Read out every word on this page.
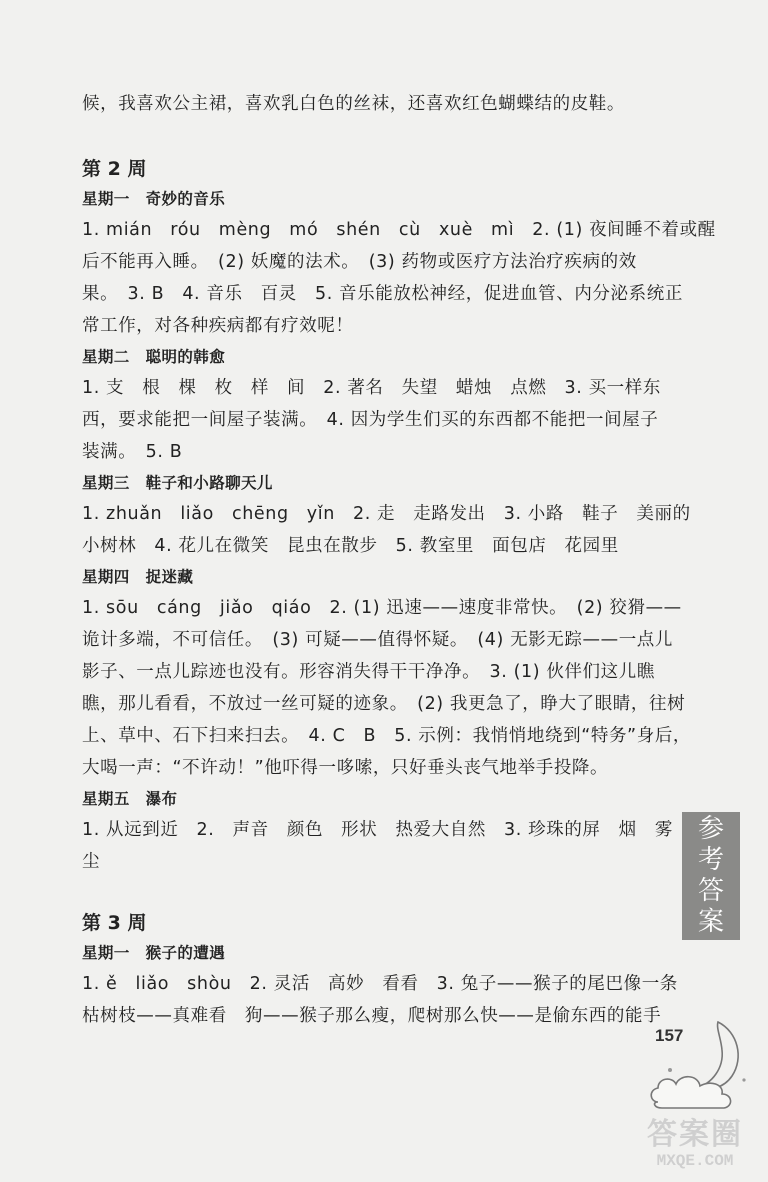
候，我喜欢公主裙，喜欢乳白色的丝袜，还喜欢红色蝴蝶结的皮鞋。
第 2 周
星期一　奇妙的音乐
1. mián　róu　mèng　mó　shén　cù　xuè　mì　2. (1) 夜间睡不着或醒
后不能再入睡。　(2) 妖魔的法术。　(3) 药物或医疗方法治疗疾病的效
果。　3. B　4. 音乐　百灵　5. 音乐能放松神经，促进血管、内分泌系统正
常工作，对各种疾病都有疗效呢！
星期二　聪明的韩愈
1. 支　根　棵　枚　样　间　2. 著名　失望　蜡烛　点燃　3. 买一样东
西，要求能把一间屋子装满。　4. 因为学生们买的东西都不能把一间屋子
装满。　5. B
星期三　鞋子和小路聊天儿
1. zhuǎn　liǎo　chēng　yǐn　2. 走　走路发出　3. 小路　鞋子　美丽的
小树林　4. 花儿在微笑　昆虫在散步　5. 教室里　面包店　花园里
星期四　捉迷藏
1. sōu　cáng　jiǎo　qiáo　2. (1) 迅速——速度非常快。　(2) 狡猾——
诡计多端，不可信任。　(3) 可疑——值得怀疑。　(4) 无影无踪——一点儿
影子、一点儿踪迹也没有。形容消失得干干净净。　3. (1) 伙伴们这儿瞧
瞧，那儿看看，不放过一丝可疑的迹象。　(2) 我更急了，睁大了眼睛，往树
上、草中、石下扫来扫去。　4. C　B　5. 示例：我悄悄地绕到“特务”身后，
大喝一声：“不许动！”他吓得一哆嗦，只好垂头丧气地举手投降。
星期五　瀑布
1. 从远到近　2.　声音　颜色　形状　热爱大自然　3. 珍珠的屏　烟　雾
尘
第 3 周
星期一　猴子的遭遇
1. ě　liǎo　shòu　2. 灵活　高妙　看看　3. 兔子——猴子的尾巴像一条
枯树枝——真难看　狗——猴子那么瘦，爬树那么快——是偷东西的能手
参
考
答
案
157
答案圈
MXQE.COM
